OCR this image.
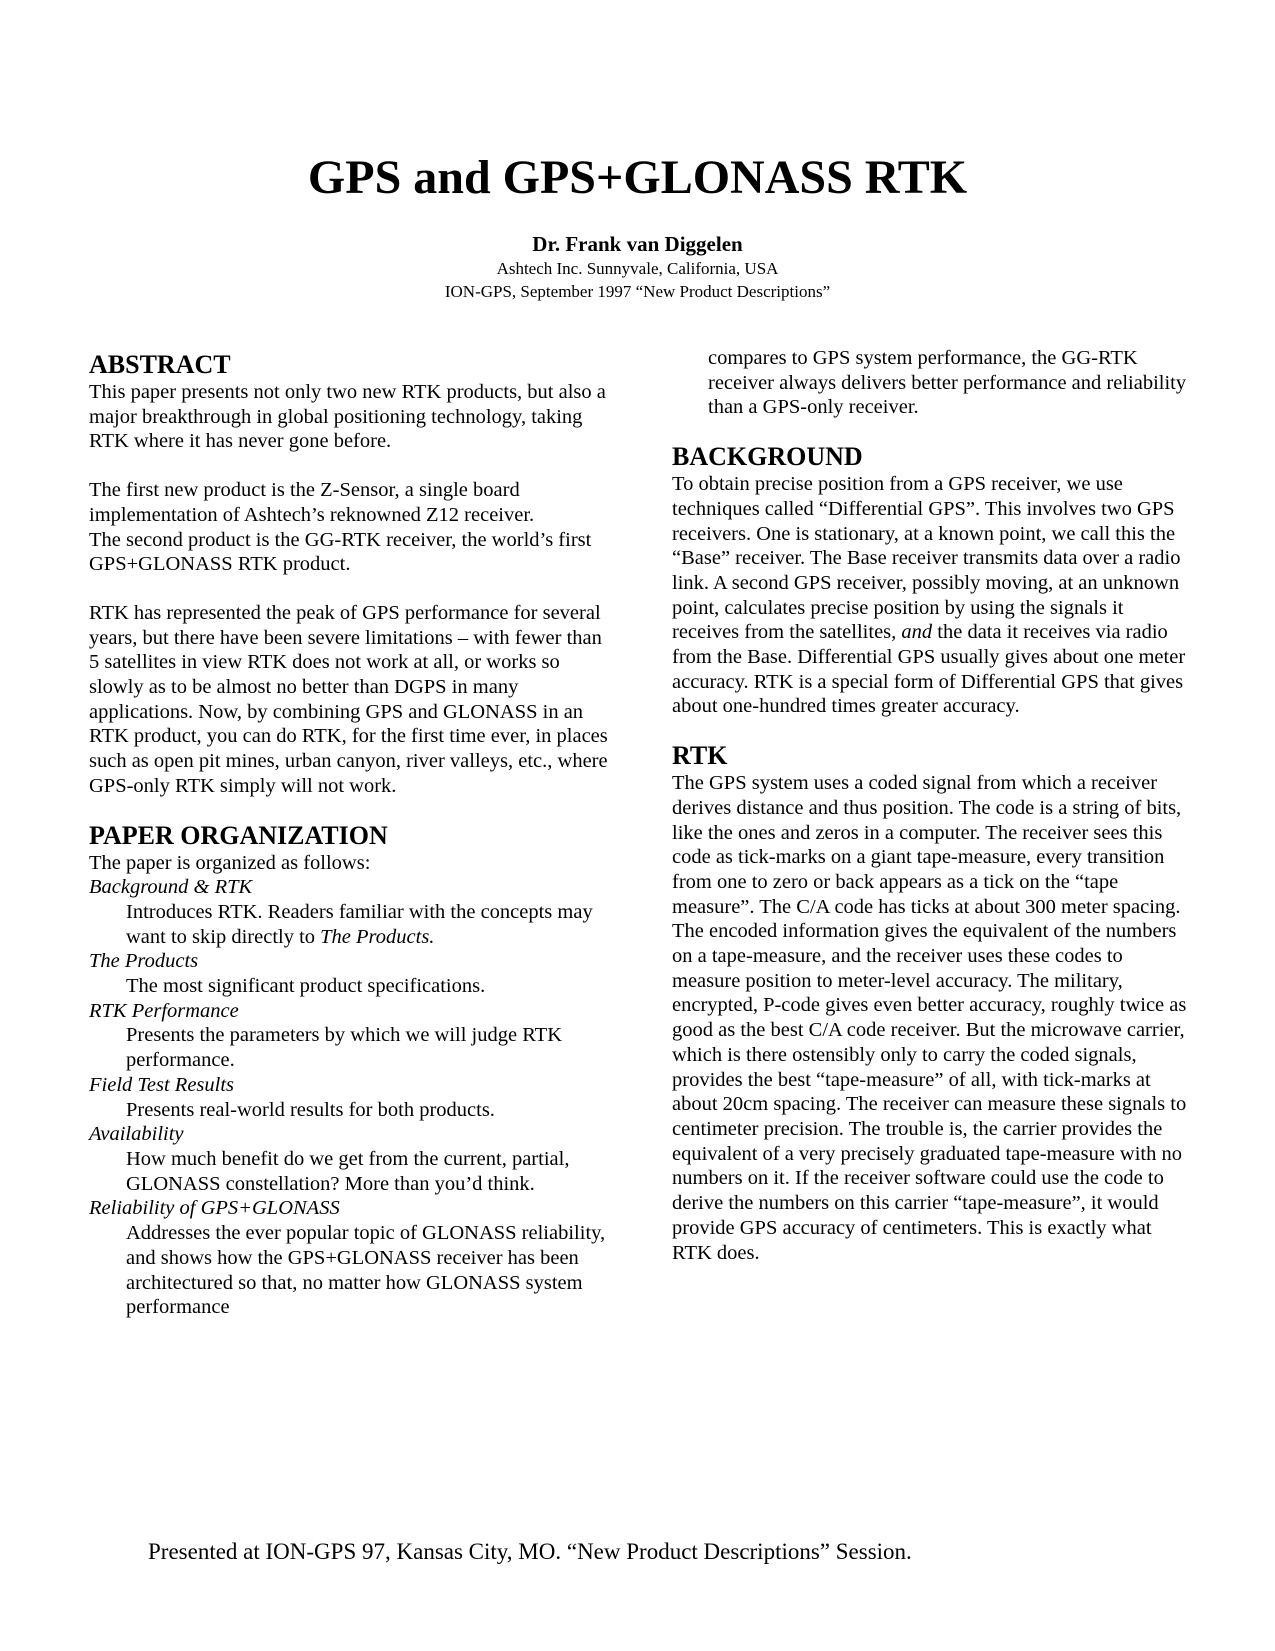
GPS and GPS+GLONASS RTK

Dr. Frank van Diggelen

Ashtech Inc. Sunnyvale, California, USA

ION-GPS, September 1997 “New Product Descriptions”

ABSTRACT

This paper presents not only two new RTK products, but also a major breakthrough in global positioning technology, taking RTK where it has never gone before.

The first new product is the Z-Sensor, a single board implementation of Ashtech’s reknowned Z12 receiver.

The second product is the GG-RTK receiver, the world’s first GPS+GLONASS RTK product.

RTK has represented the peak of GPS performance for several years, but there have been severe limitations – with fewer than 5 satellites in view RTK does not work at all, or works so slowly as to be almost no better than DGPS in many applications. Now, by combining GPS and GLONASS in an RTK product, you can do RTK, for the first time ever, in places such as open pit mines, urban canyon, river valleys, etc., where GPS-only RTK simply will not work.

PAPER ORGANIZATION

The paper is organized as follows:

Background & RTK

Introduces RTK. Readers familiar with the concepts may want to skip directly to The Products.

The Products

The most significant product specifications.

RTK Performance

Presents the parameters by which we will judge RTK performance.

Field Test Results

Presents real-world results for both products.

Availability

How much benefit do we get from the current, partial, GLONASS constellation? More than you’d think.

Reliability of GPS+GLONASS

Addresses the ever popular topic of GLONASS reliability, and shows how the GPS+GLONASS receiver has been architectured so that, no matter how GLONASS system performance

compares to GPS system performance, the GG-RTK receiver always delivers better performance and reliability than a GPS-only receiver.

BACKGROUND

To obtain precise position from a GPS receiver, we use techniques called “Differential GPS”. This involves two GPS receivers. One is stationary, at a known point, we call this the “Base” receiver. The Base receiver transmits data over a radio link. A second GPS receiver, possibly moving, at an unknown point, calculates precise position by using the signals it receives from the satellites, and the data it receives via radio from the Base. Differential GPS usually gives about one meter accuracy. RTK is a special form of Differential GPS that gives about one-hundred times greater accuracy.

RTK

The GPS system uses a coded signal from which a receiver derives distance and thus position. The code is a string of bits, like the ones and zeros in a computer. The receiver sees this code as tick-marks on a giant tape-measure, every transition from one to zero or back appears as a tick on the “tape measure”. The C/A code has ticks at about 300 meter spacing. The encoded information gives the equivalent of the numbers on a tape-measure, and the receiver uses these codes to measure position to meter-level accuracy. The military, encrypted, P-code gives even better accuracy, roughly twice as good as the best C/A code receiver. But the microwave carrier, which is there ostensibly only to carry the coded signals, provides the best “tape-measure” of all, with tick-marks at about 20cm spacing. The receiver can measure these signals to centimeter precision. The trouble is, the carrier provides the equivalent of a very precisely graduated tape-measure with no numbers on it. If the receiver software could use the code to derive the numbers on this carrier “tape-measure”, it would provide GPS accuracy of centimeters. This is exactly what RTK does.

Presented at ION-GPS 97, Kansas City, MO. “New Product Descriptions” Session.
